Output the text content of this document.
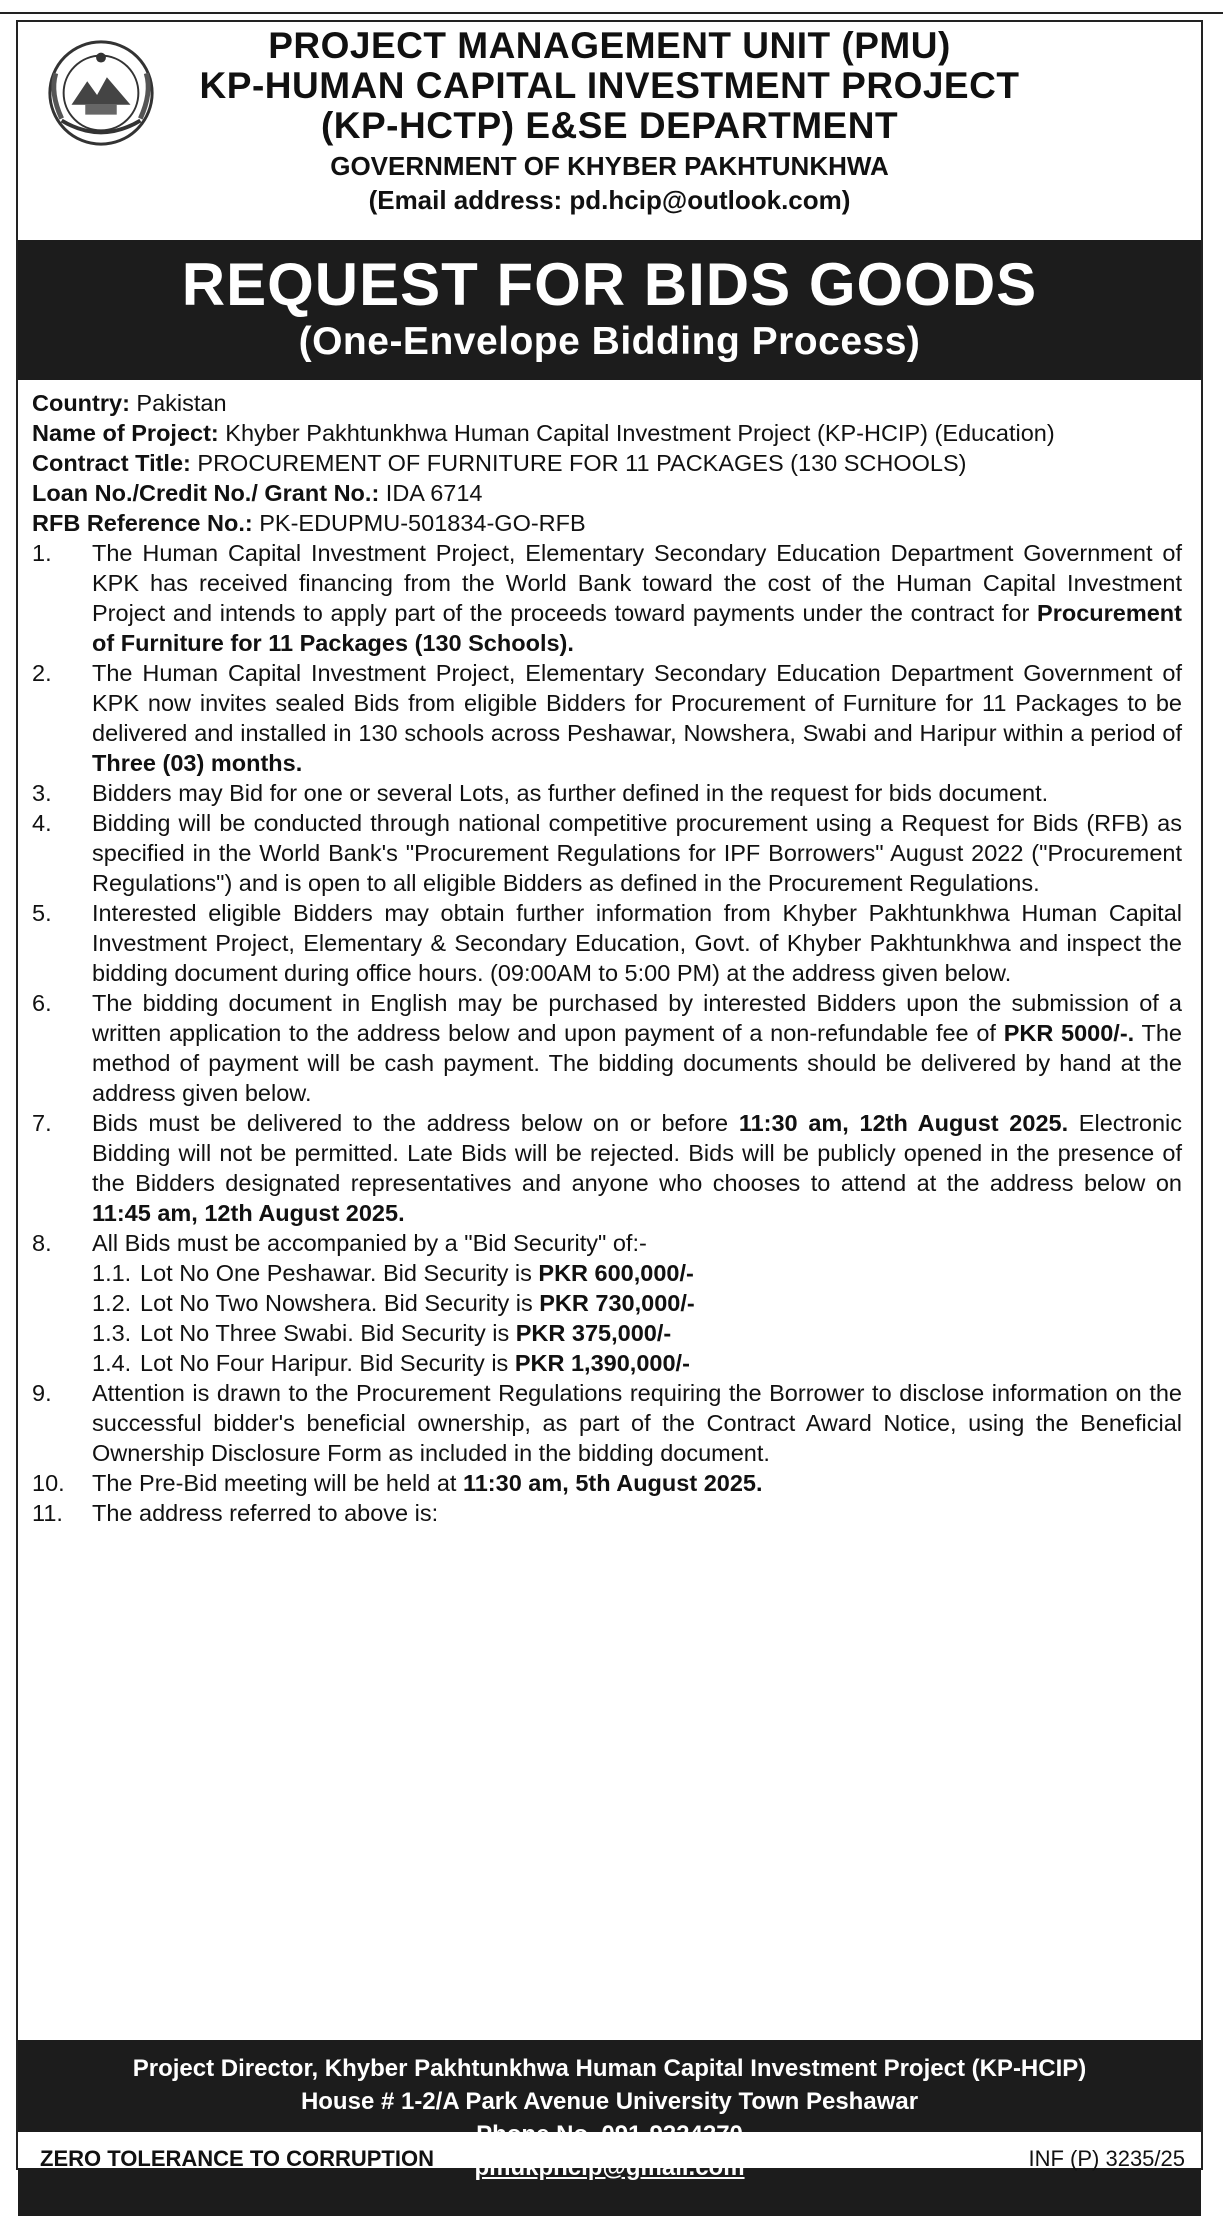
PROJECT MANAGEMENT UNIT (PMU)
KP-HUMAN CAPITAL INVESTMENT PROJECT
(KP-HCTP) E&SE DEPARTMENT
GOVERNMENT OF KHYBER PAKHTUNKHWA
(Email address: pd.hcip@outlook.com)
REQUEST FOR BIDS GOODS
(One-Envelope Bidding Process)
Country: Pakistan
Name of Project: Khyber Pakhtunkhwa Human Capital Investment Project (KP-HCIP) (Education)
Contract Title: PROCUREMENT OF FURNITURE FOR 11 PACKAGES (130 SCHOOLS)
Loan No./Credit No./ Grant No.: IDA 6714
RFB Reference No.: PK-EDUPMU-501834-GO-RFB
1. The Human Capital Investment Project, Elementary Secondary Education Department Government of KPK has received financing from the World Bank toward the cost of the Human Capital Investment Project and intends to apply part of the proceeds toward payments under the contract for Procurement of Furniture for 11 Packages (130 Schools).
2. The Human Capital Investment Project, Elementary Secondary Education Department Government of KPK now invites sealed Bids from eligible Bidders for Procurement of Furniture for 11 Packages to be delivered and installed in 130 schools across Peshawar, Nowshera, Swabi and Haripur within a period of Three (03) months.
3. Bidders may Bid for one or several Lots, as further defined in the request for bids document.
4. Bidding will be conducted through national competitive procurement using a Request for Bids (RFB) as specified in the World Bank's "Procurement Regulations for IPF Borrowers" August 2022 ("Procurement Regulations") and is open to all eligible Bidders as defined in the Procurement Regulations.
5. Interested eligible Bidders may obtain further information from Khyber Pakhtunkhwa Human Capital Investment Project, Elementary & Secondary Education, Govt. of Khyber Pakhtunkhwa and inspect the bidding document during office hours. (09:00AM to 5:00 PM) at the address given below.
6. The bidding document in English may be purchased by interested Bidders upon the submission of a written application to the address below and upon payment of a non-refundable fee of PKR 5000/-. The method of payment will be cash payment. The bidding documents should be delivered by hand at the address given below.
7. Bids must be delivered to the address below on or before 11:30 am, 12th August 2025. Electronic Bidding will not be permitted. Late Bids will be rejected. Bids will be publicly opened in the presence of the Bidders designated representatives and anyone who chooses to attend at the address below on 11:45 am, 12th August 2025.
8. All Bids must be accompanied by a "Bid Security" of:-
1.1. Lot No One Peshawar. Bid Security is PKR 600,000/-
1.2. Lot No Two Nowshera. Bid Security is PKR 730,000/-
1.3. Lot No Three Swabi. Bid Security is PKR 375,000/-
1.4. Lot No Four Haripur. Bid Security is PKR 1,390,000/-
9. Attention is drawn to the Procurement Regulations requiring the Borrower to disclose information on the successful bidder's beneficial ownership, as part of the Contract Award Notice, using the Beneficial Ownership Disclosure Form as included in the bidding document.
10. The Pre-Bid meeting will be held at 11:30 am, 5th August 2025.
11. The address referred to above is:
Project Director, Khyber Pakhtunkhwa Human Capital Investment Project (KP-HCIP)
House # 1-2/A Park Avenue University Town Peshawar
ZERO TOLERANCE TO CORRUPTION	INF (P) 3235/25
